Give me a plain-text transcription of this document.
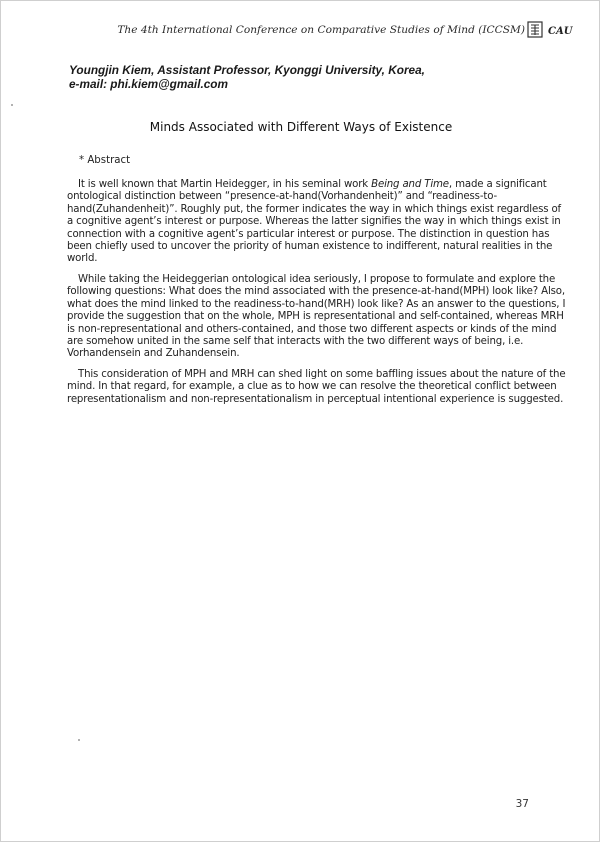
The 4th International Conference on Comparative Studies of Mind (ICCSM) CAU
Youngjin Kiem, Assistant Professor, Kyonggi University, Korea,
e-mail: phi.kiem@gmail.com
Minds Associated with Different Ways of Existence
* Abstract
It is well known that Martin Heidegger, in his seminal work Being and Time, made a significant
ontological distinction between “presence-at-hand(Vorhandenheit)” and “readiness-to-
hand(Zuhandenheit)”. Roughly put, the former indicates the way in which things exist regardless of
a cognitive agent’s interest or purpose. Whereas the latter signifies the way in which things exist in
connection with a cognitive agent’s particular interest or purpose. The distinction in question has
been chiefly used to uncover the priority of human existence to indifferent, natural realities in the
world.
While taking the Heideggerian ontological idea seriously, I propose to formulate and explore the
following questions: What does the mind associated with the presence-at-hand(MPH) look like? Also,
what does the mind linked to the readiness-to-hand(MRH) look like? As an answer to the questions, I
provide the suggestion that on the whole, MPH is representational and self-contained, whereas MRH
is non-representational and others-contained, and those two different aspects or kinds of the mind
are somehow united in the same self that interacts with the two different ways of being, i.e.
Vorhandensein and Zuhandensein.
This consideration of MPH and MRH can shed light on some baffling issues about the nature of the
mind. In that regard, for example, a clue as to how we can resolve the theoretical conflict between
representationalism and non-representationalism in perceptual intentional experience is suggested.
37
